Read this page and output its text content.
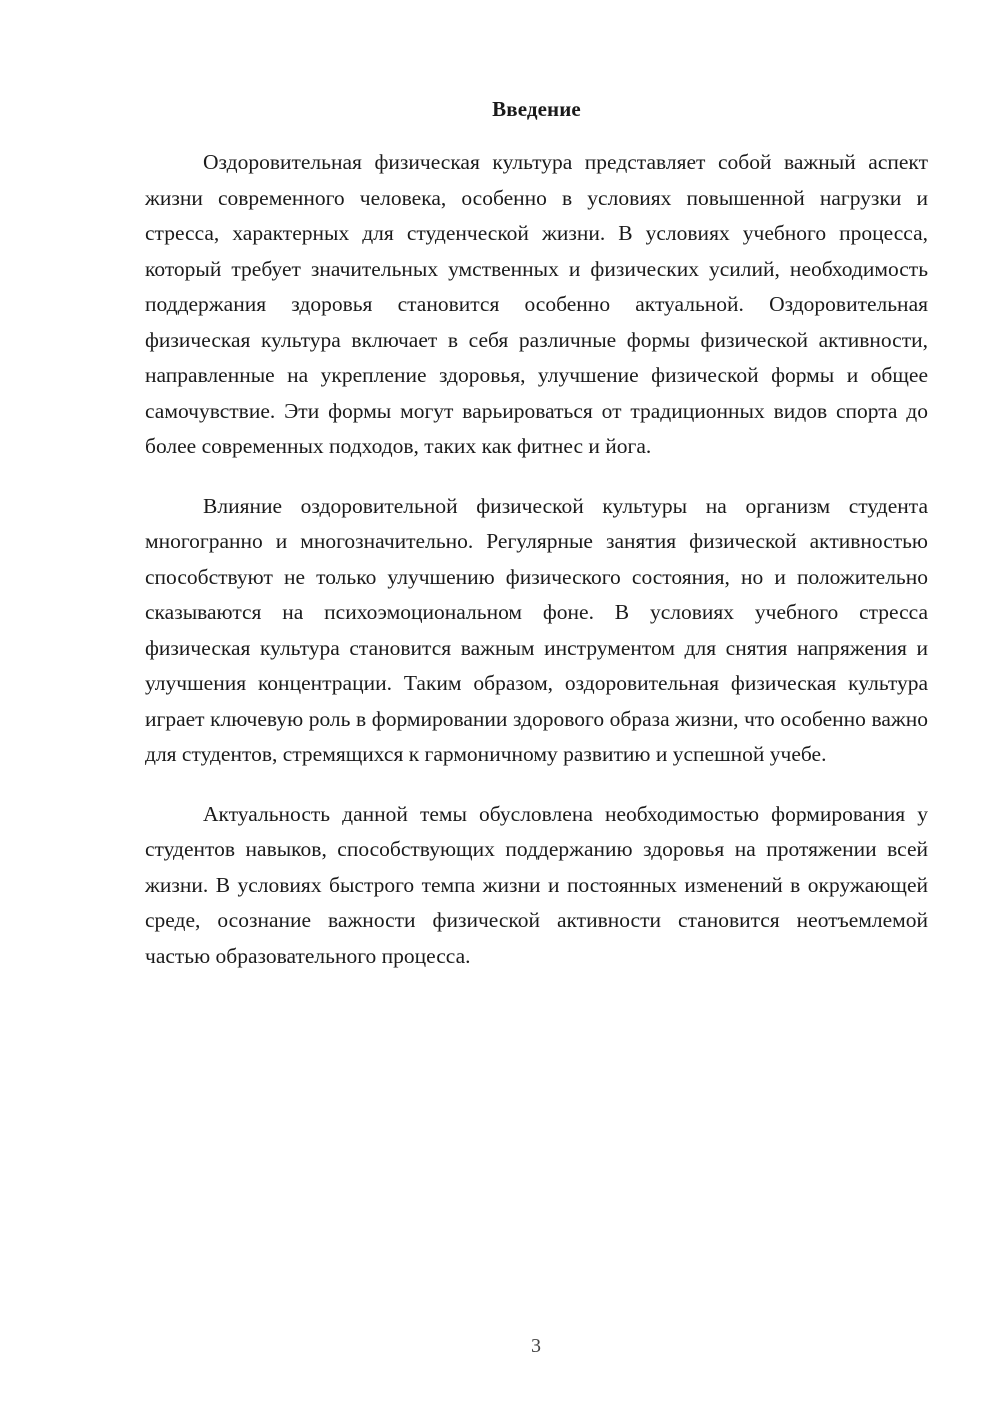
Введение

Оздоровительная физическая культура представляет собой важный аспект жизни современного человека, особенно в условиях повышенной нагрузки и стресса, характерных для студенческой жизни. В условиях учебного процесса, который требует значительных умственных и физических усилий, необходимость поддержания здоровья становится особенно актуальной. Оздоровительная физическая культура включает в себя различные формы физической активности, направленные на укрепление здоровья, улучшение физической формы и общее самочувствие. Эти формы могут варьироваться от традиционных видов спорта до более современных подходов, таких как фитнес и йога.

Влияние оздоровительной физической культуры на организм студента многогранно и многозначительно. Регулярные занятия физической активностью способствуют не только улучшению физического состояния, но и положительно сказываются на психоэмоциональном фоне. В условиях учебного стресса физическая культура становится важным инструментом для снятия напряжения и улучшения концентрации. Таким образом, оздоровительная физическая культура играет ключевую роль в формировании здорового образа жизни, что особенно важно для студентов, стремящихся к гармоничному развитию и успешной учебе.

Актуальность данной темы обусловлена необходимостью формирования у студентов навыков, способствующих поддержанию здоровья на протяжении всей жизни. В условиях быстрого темпа жизни и постоянных изменений в окружающей среде, осознание важности физической активности становится неотъемлемой частью образовательного процесса.

3
